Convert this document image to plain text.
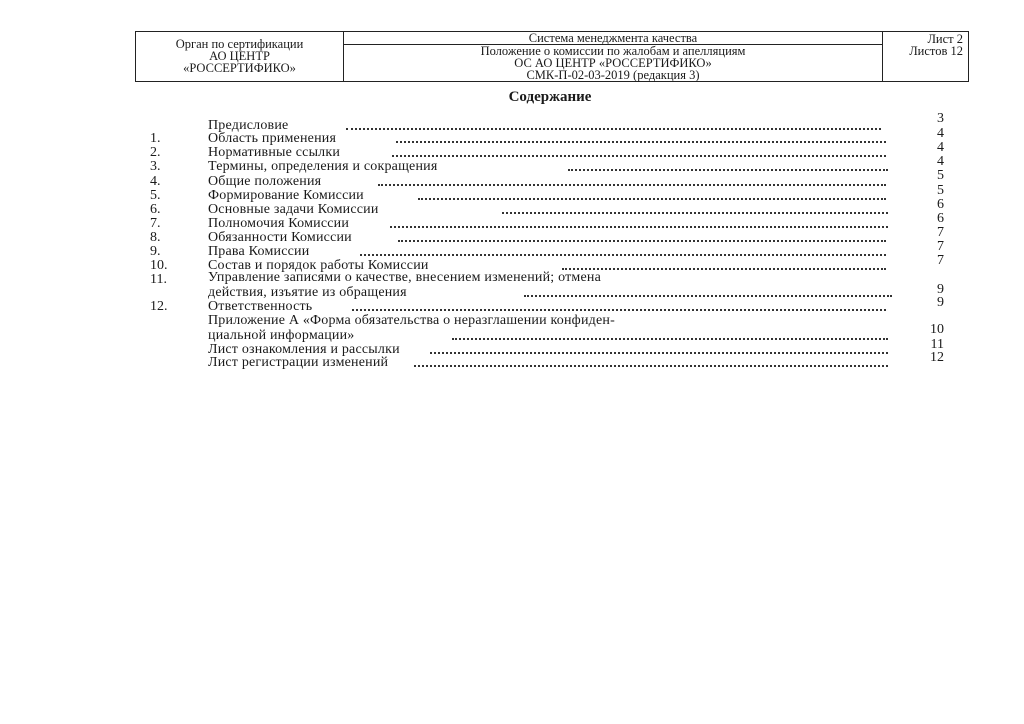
Орган по сертификации
АО ЦЕНТР
«РОССЕРТИФИКО»

Система менеджмента качества
Положение о комиссии по жалобам и апелляциям
ОС АО ЦЕНТР «РОССЕРТИФИКО»
СМК-П-02-03-2019 (редакция 3)

Лист 2
Листов 12
Содержание
Предисловие	3
1.	Область применения	4
2.	Нормативные ссылки	4
3.	Термины, определения и сокращения	4
4.	Общие положения	5
5.	Формирование Комиссии	5
6.	Основные задачи Комиссии	6
7.	Полномочия Комиссии	6
8.	Обязанности Комиссии	7
9.	Права Комиссии	7
10.	Состав и порядок работы Комиссии	7
11.	Управление записями о качестве, внесением изменений; отмена
действия, изъятие из обращения	9
12.	Ответственность	9
Приложение А «Форма обязательства о неразглашении конфиден-
циальной информации»	10
Лист ознакомления и рассылки	11
Лист регистрации изменений	12
